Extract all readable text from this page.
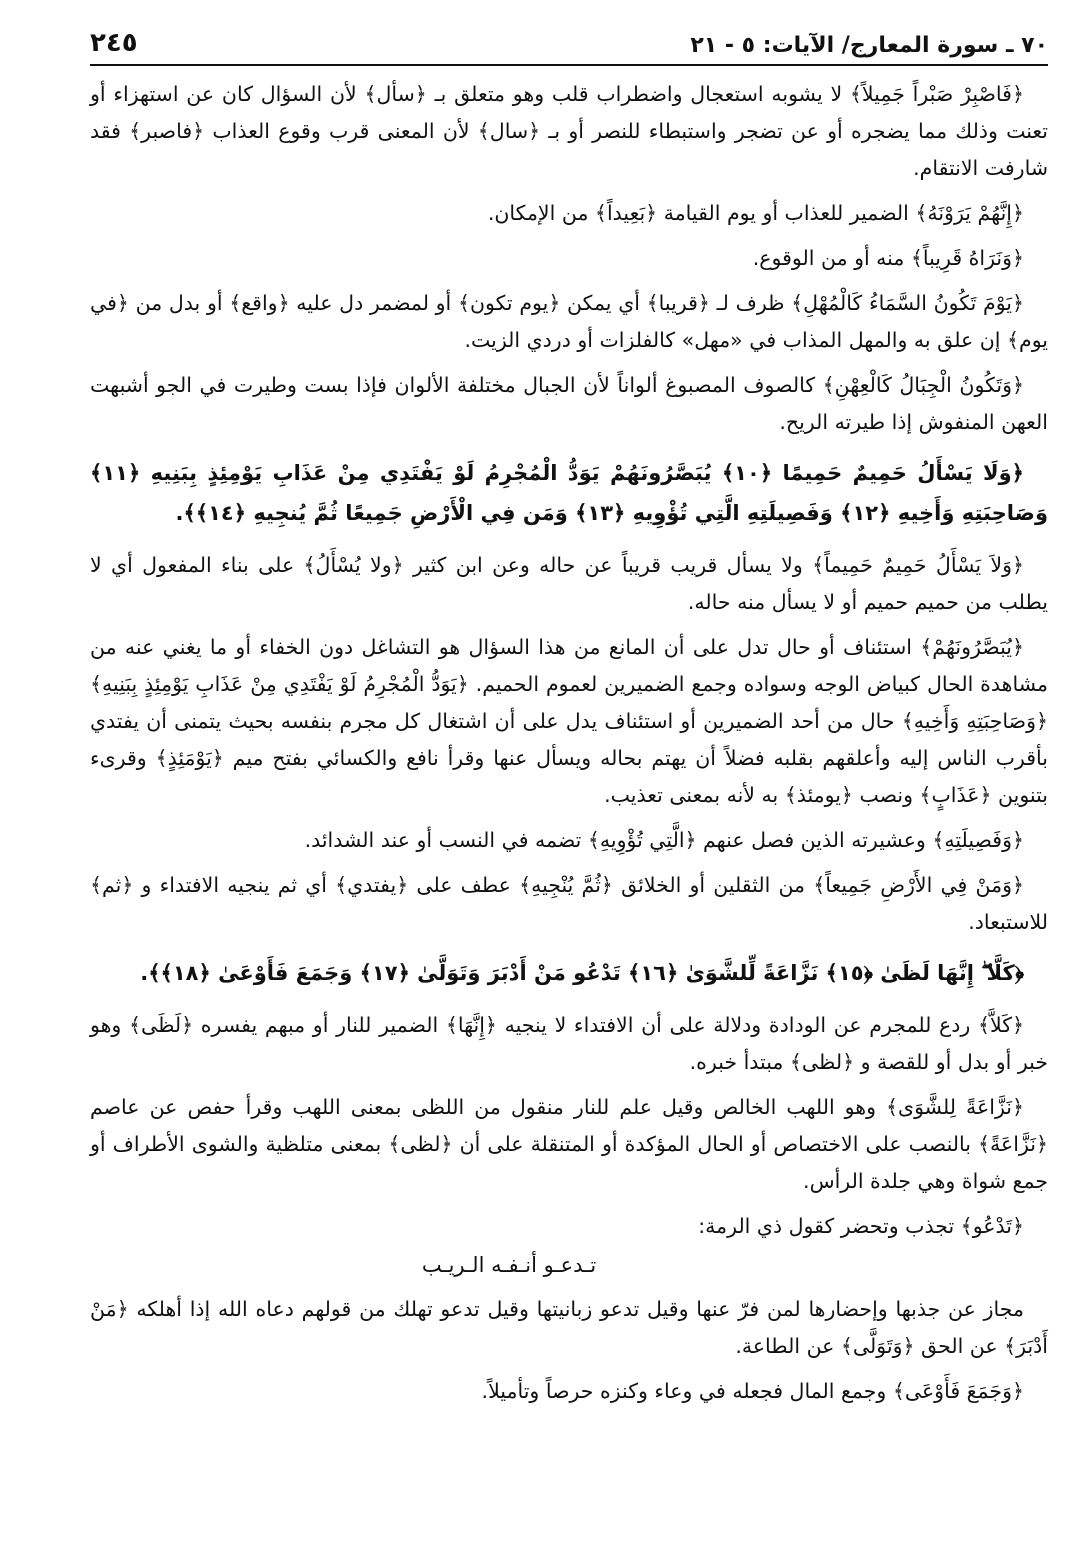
٧٠ ـ سورة المعارج/ الآيات: ٥ - ٢١
٢٤٥

﴿فَاصْبِرْ صَبْراً جَمِيلاً﴾ لا يشوبه استعجال واضطراب قلب وهو متعلق بـ ﴿سأل﴾ لأن السؤال كان عن استهزاء أو تعنت وذلك مما يضجره أو عن تضجر واستبطاء للنصر أو بـ ﴿سال﴾ لأن المعنى قرب وقوع العذاب ﴿فاصبر﴾ فقد شارفت الانتقام.

﴿إِنَّهُمْ يَرَوْنَهُ﴾ الضمير للعذاب أو يوم القيامة ﴿بَعِيداً﴾ من الإمكان.

﴿وَنَرَاهُ قَرِيباً﴾ منه أو من الوقوع.

﴿يَوْمَ تَكُونُ السَّمَاءُ كَالْمُهْلِ﴾ ظرف لـ ﴿قريبا﴾ أي يمكن ﴿يوم تكون﴾ أو لمضمر دل عليه ﴿واقع﴾ أو بدل من ﴿في يوم﴾ إن علق به والمهل المذاب في «مهل» كالفلزات أو دردي الزيت.

﴿وَتَكُونُ الْجِبَالُ كَالْعِهْنِ﴾ كالصوف المصبوغ ألواناً لأن الجبال مختلفة الألوان فإذا بست وطيرت في الجو أشبهت العهن المنفوش إذا طيرته الريح.

﴿وَلَا يَسْأَلُ حَمِيمٌ حَمِيمًا ﴿١٠﴾ يُبَصَّرُونَهُمْ يَوَدُّ الْمُجْرِمُ لَوْ يَفْتَدِي مِنْ عَذَابِ يَوْمِئِذٍ بِبَنِيهِ ﴿١١﴾ وَصَاحِبَتِهِ وَأَخِيهِ ﴿١٢﴾ وَفَصِيلَتِهِ الَّتِي تُؤْوِيهِ ﴿١٣﴾ وَمَن فِي الْأَرْضِ جَمِيعًا ثُمَّ يُنجِيهِ ﴿١٤﴾﴾.

﴿وَلاَ يَسْأَلُ حَمِيمٌ حَمِيماً﴾ ولا يسأل قريب قريباً عن حاله وعن ابن كثير ﴿ولا يُسْأَلُ﴾ على بناء المفعول أي لا يطلب من حميم حميم أو لا يسأل منه حاله.

﴿يُبَصَّرُونَهُمْ﴾ استئناف أو حال تدل على أن المانع من هذا السؤال هو التشاغل دون الخفاء أو ما يغني عنه من مشاهدة الحال كبياض الوجه وسواده وجمع الضميرين لعموم الحميم. ﴿يَوَدُّ الْمُجْرِمُ لَوْ يَفْتَدِي مِنْ عَذَابِ يَوْمِئِذٍ بِبَنِيهِ﴾ ﴿وَصَاحِبَتِهِ وَأَخِيهِ﴾ حال من أحد الضميرين أو استئناف يدل على أن اشتغال كل مجرم بنفسه بحيث يتمنى أن يفتدي بأقرب الناس إليه وأعلقهم بقلبه فضلاً أن يهتم بحاله ويسأل عنها وقرأ نافع والكسائي بفتح ميم ﴿يَوْمَئِذٍ﴾ وقرىء بتنوين ﴿عَذَابٍ﴾ ونصب ﴿يومئذ﴾ به لأنه بمعنى تعذيب.

﴿وَفَصِيلَتِهِ﴾ وعشيرته الذين فصل عنهم ﴿الَّتِي تُؤْوِيهِ﴾ تضمه في النسب أو عند الشدائد.

﴿وَمَنْ فِي الأَرْضِ جَمِيعاً﴾ من الثقلين أو الخلائق ﴿ثُمَّ يُنْجِيهِ﴾ عطف على ﴿يفتدي﴾ أي ثم ينجيه الافتداء و ﴿ثم﴾ للاستبعاد.

﴿كَلَّا ۖ إِنَّهَا لَظَىٰ ﴿١٥﴾ نَزَّاعَةً لِّلشَّوَىٰ ﴿١٦﴾ تَدْعُو مَنْ أَدْبَرَ وَتَوَلَّىٰ ﴿١٧﴾ وَجَمَعَ فَأَوْعَىٰ ﴿١٨﴾﴾.

﴿كَلاَّ﴾ ردع للمجرم عن الودادة ودلالة على أن الافتداء لا ينجيه ﴿إِنَّهَا﴾ الضمير للنار أو مبهم يفسره ﴿لَظَى﴾ وهو خبر أو بدل أو للقصة و ﴿لظى﴾ مبتدأ خبره.

﴿نَزَّاعَةً لِلشَّوَى﴾ وهو اللهب الخالص وقيل علم للنار منقول من اللظى بمعنى اللهب وقرأ حفص عن عاصم ﴿نَزَّاعَةً﴾ بالنصب على الاختصاص أو الحال المؤكدة أو المتنقلة على أن ﴿لظى﴾ بمعنى متلظية والشوى الأطراف أو جمع شواة وهي جلدة الرأس.

﴿تَدْعُو﴾ تجذب وتحضر كقول ذي الرمة:

تـدعـو أنـفـه الـريـب

مجاز عن جذبها وإحضارها لمن فرّ عنها وقيل تدعو زبانيتها وقيل تدعو تهلك من قولهم دعاه الله إذا أهلكه ﴿مَنْ أَدْبَرَ﴾ عن الحق ﴿وَتَوَلَّى﴾ عن الطاعة.

﴿وَجَمَعَ فَأَوْعَى﴾ وجمع المال فجعله في وعاء وكنزه حرصاً وتأميلاً.
